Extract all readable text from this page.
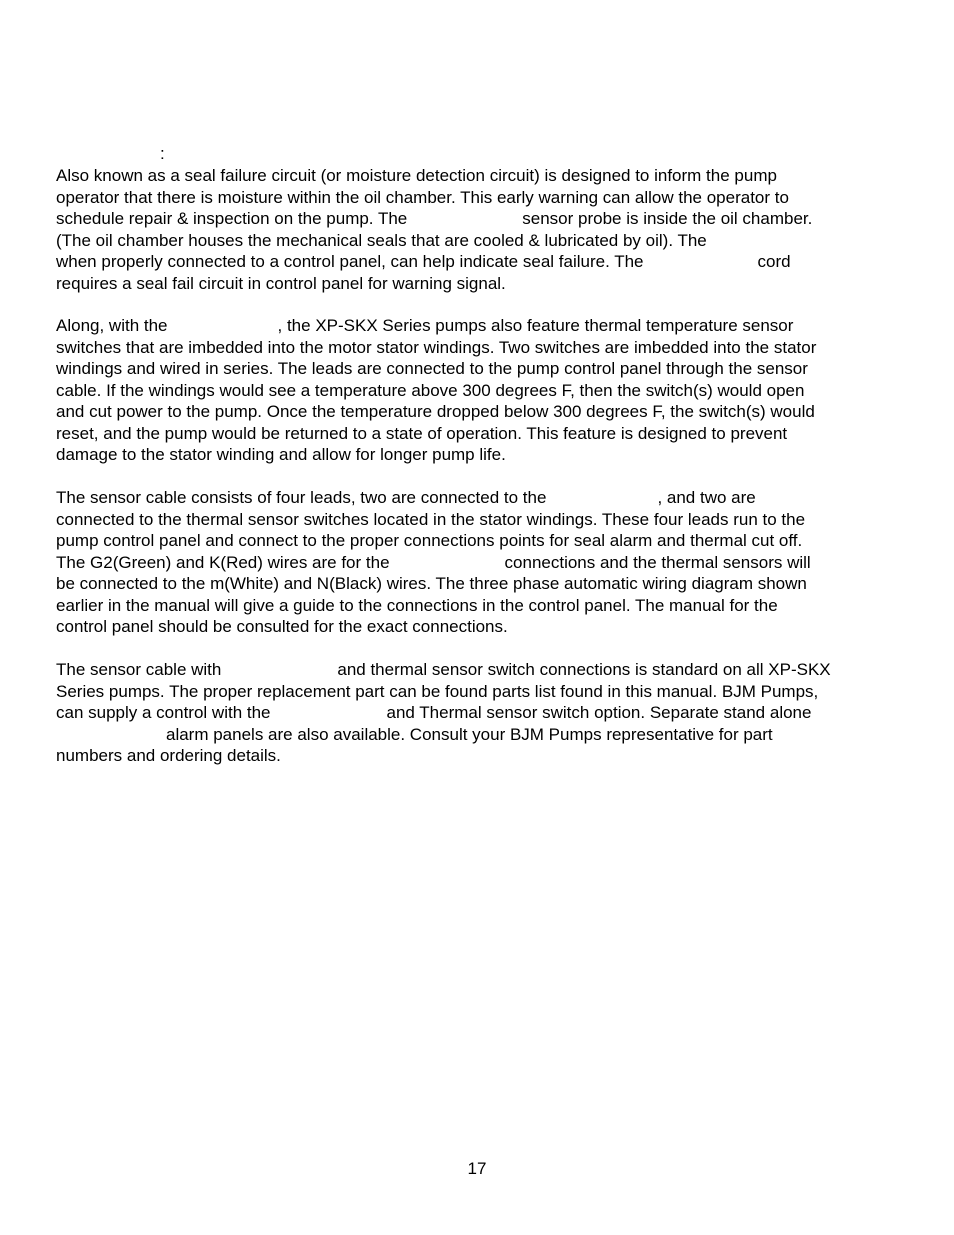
:

Also known as a seal failure circuit (or moisture detection circuit) is designed to inform the pump

operator that there is moisture within the oil chamber. This early warning can allow the operator to

schedule repair & inspection on the pump. The	sensor probe is inside the oil chamber.

(The oil chamber houses the mechanical seals that are cooled & lubricated by oil). The

when properly connected to a control panel, can help indicate seal failure. The	cord

requires a seal fail circuit in control panel for warning signal.

Along, with the	, the XP-SKX Series pumps also feature thermal temperature sensor

switches that are imbedded into the motor stator windings. Two switches are imbedded into the stator

windings and wired in series. The leads are connected to the pump control panel through the sensor

cable. If the windings would see a temperature above 300 degrees F, then the switch(s) would open

and cut power to the pump. Once the temperature dropped below 300 degrees F, the switch(s) would

reset, and the pump would be returned to a state of operation. This feature is designed to prevent

damage to the stator winding and allow for longer pump life.

The sensor cable consists of four leads, two are connected to the	, and two are

connected to the thermal sensor switches located in the stator windings. These four leads run to the

pump control panel and connect to the proper connections points for seal alarm and thermal cut off.

The G2(Green) and K(Red) wires are for the	connections and the thermal sensors will

be connected to the m(White) and N(Black) wires. The three phase automatic wiring diagram shown

earlier in the manual will give a guide to the connections in the control panel. The manual for the

control panel should be consulted for the exact connections.

The sensor cable with	and thermal sensor switch connections is standard on all XP-SKX

Series pumps. The proper replacement part can be found parts list found in this manual. BJM Pumps,

can supply a control with the	and Thermal sensor switch option. Separate stand alone

alarm panels are also available. Consult your BJM Pumps representative for part

numbers and ordering details.

17
